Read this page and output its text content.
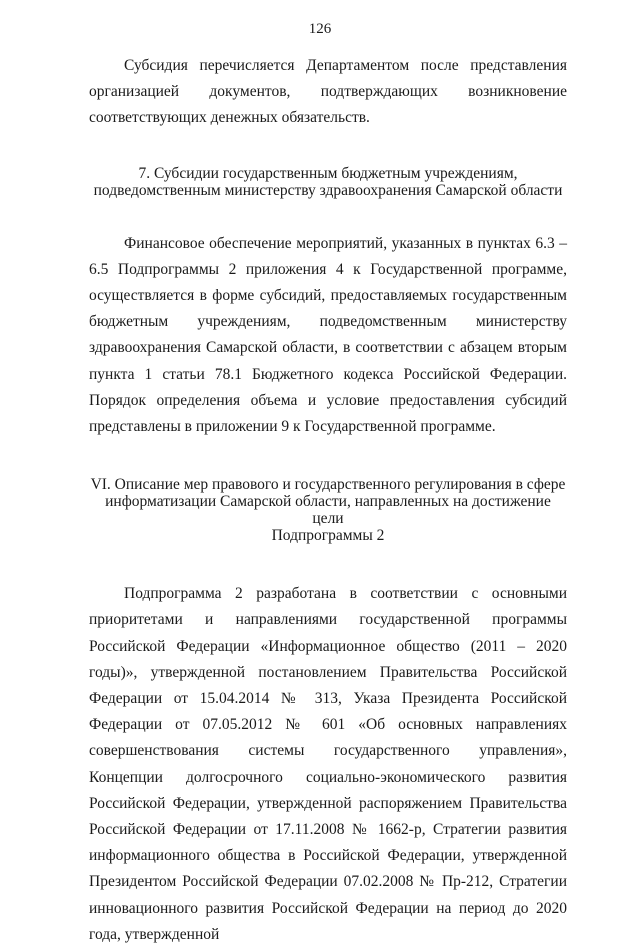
126

Субсидия перечисляется Департаментом после представления организацией документов, подтверждающих возникновение соответствующих денежных обязательств.

7. Субсидии государственным бюджетным учреждениям,
подведомственным министерству здравоохранения Самарской области

Финансовое обеспечение мероприятий, указанных в пунктах 6.3 – 6.5 Подпрограммы 2 приложения 4 к Государственной программе, осуществляется в форме субсидий, предоставляемых государственным бюджетным учреждениям, подведомственным министерству здравоохранения Самарской области, в соответствии с абзацем вторым пункта 1 статьи 78.1 Бюджетного кодекса Российской Федерации. Порядок определения объема и условие предоставления субсидий представлены в приложении 9 к Государственной программе.

VI. Описание мер правового и государственного регулирования в сфере
информатизации Самарской области, направленных на достижение цели
Подпрограммы 2

Подпрограмма 2 разработана в соответствии с основными приоритетами и направлениями государственной программы Российской Федерации «Информационное общество (2011 – 2020 годы)», утвержденной постановлением Правительства Российской Федерации от 15.04.2014 № 313, Указа Президента Российской Федерации от 07.05.2012 № 601 «Об основных направлениях совершенствования системы государственного управления», Концепции долгосрочного социально-экономического развития Российской Федерации, утвержденной распоряжением Правительства Российской Федерации от 17.11.2008 № 1662-р, Стратегии развития информационного общества в Российской Федерации, утвержденной Президентом Российской Федерации 07.02.2008 № Пр-212, Стратегии инновационного развития Российской Федерации на период до 2020 года, утвержденной
